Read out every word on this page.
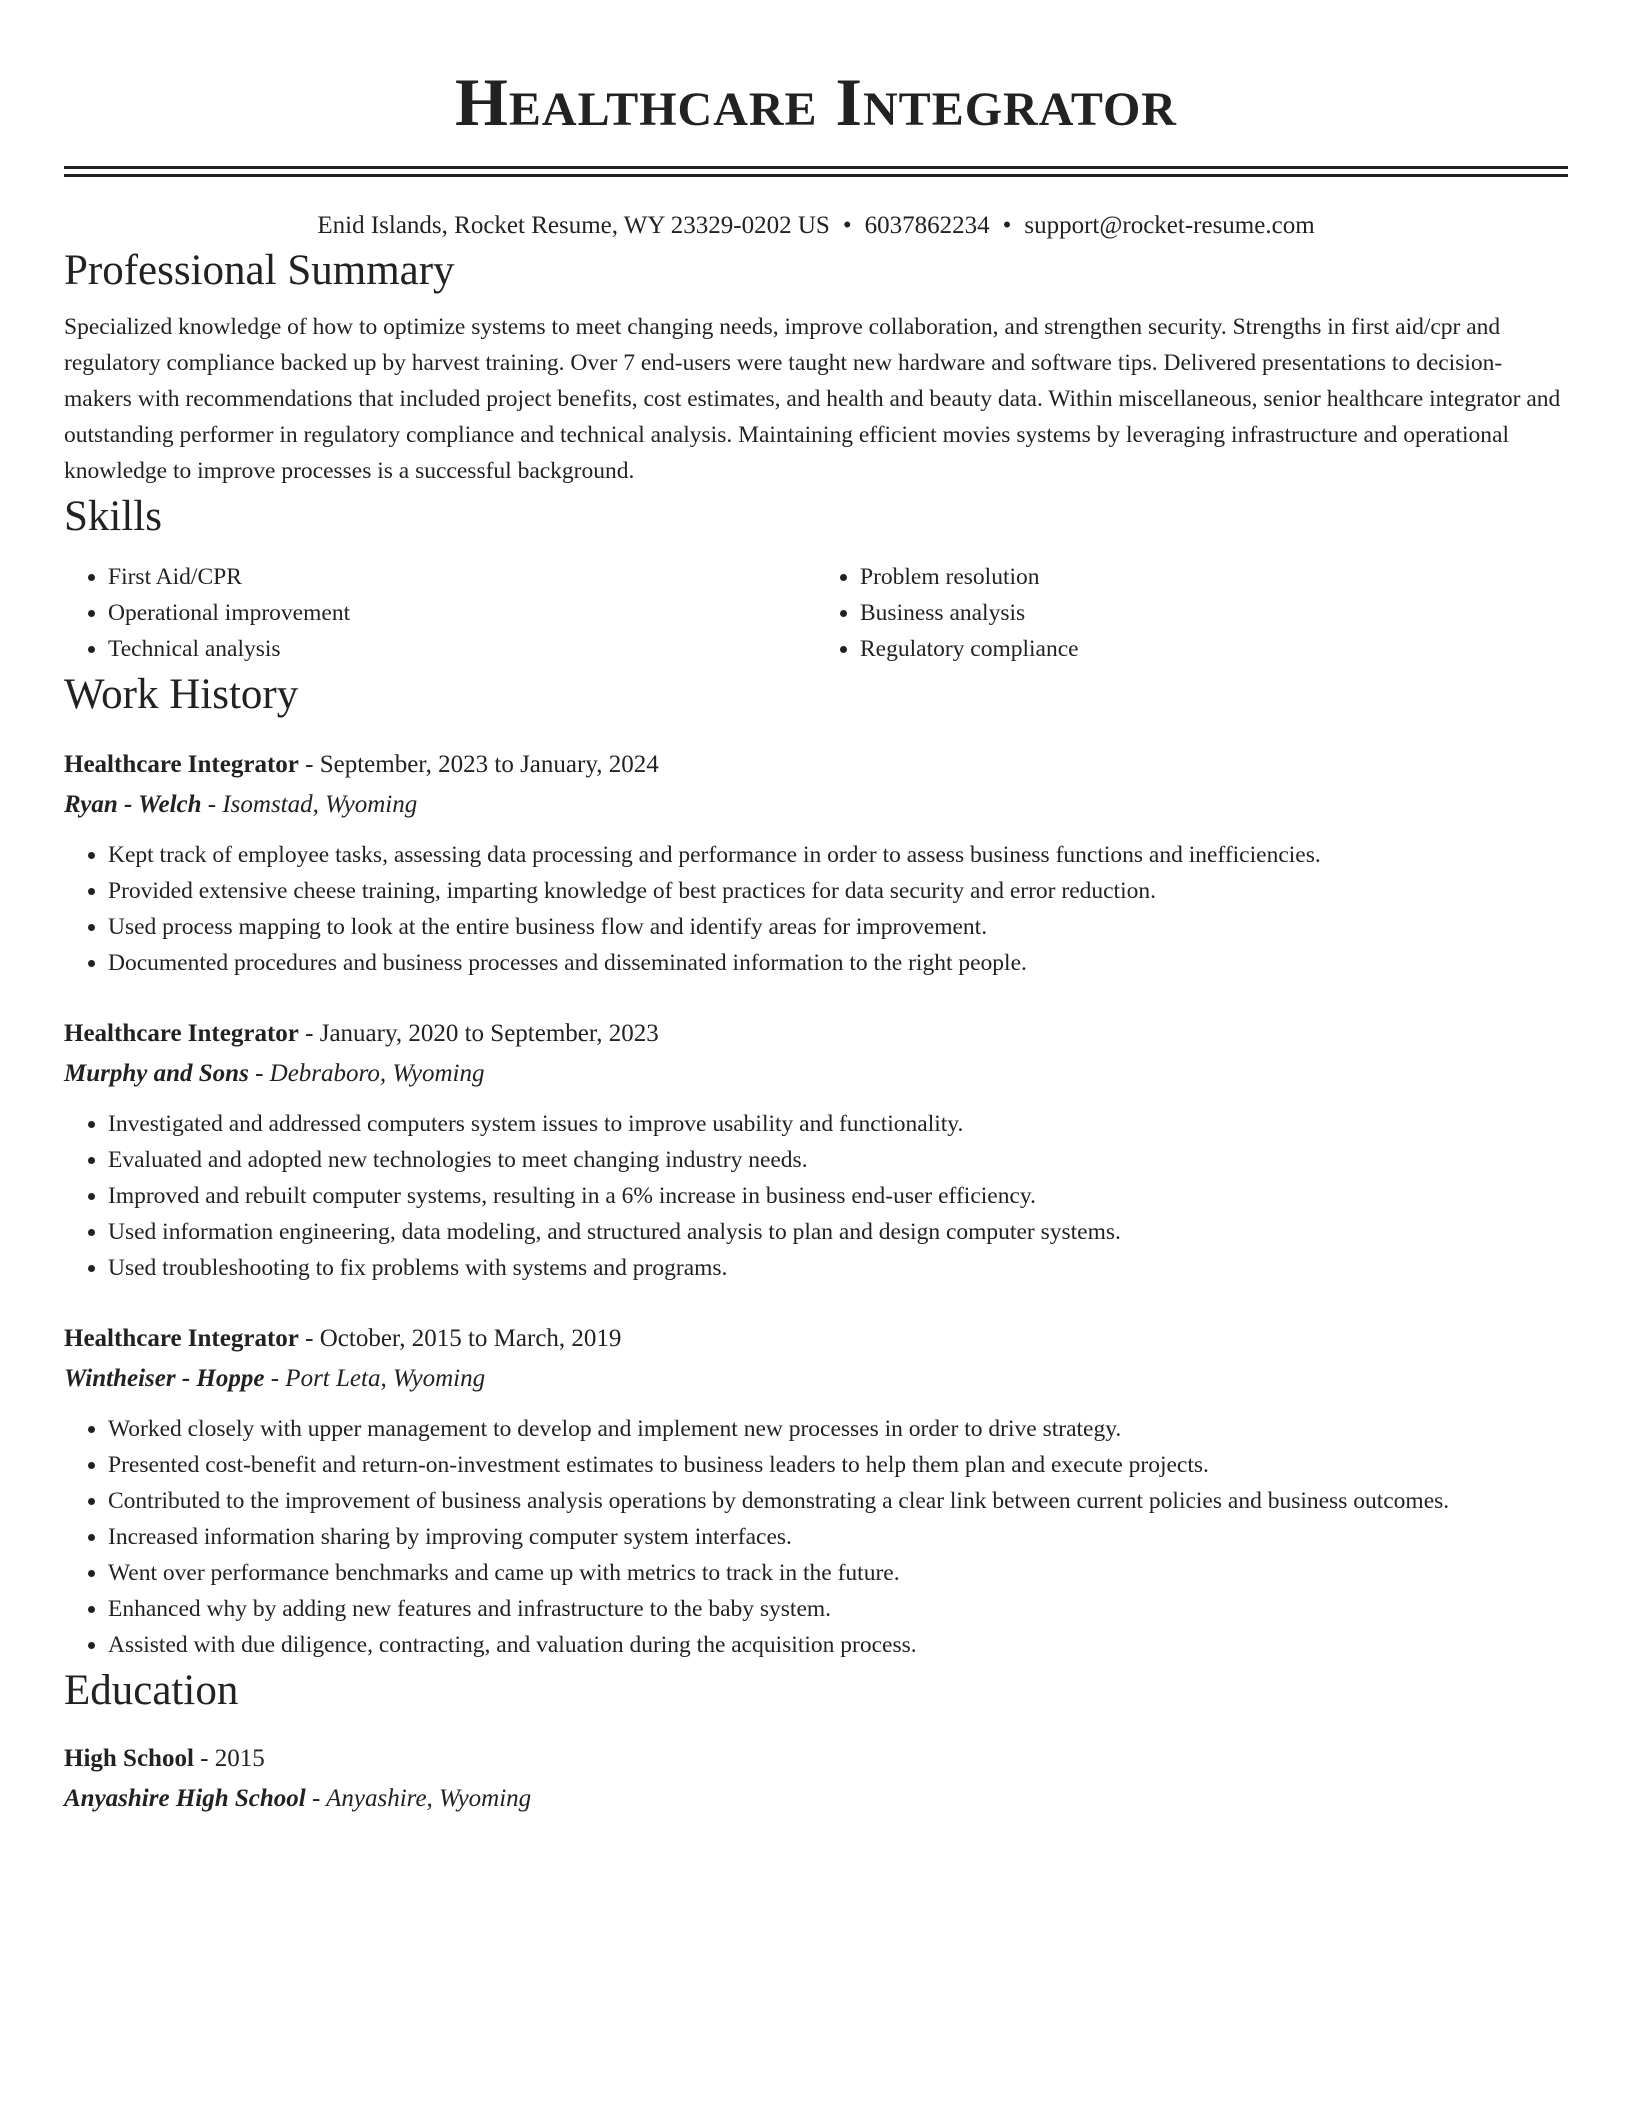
Healthcare Integrator
Enid Islands, Rocket Resume, WY 23329-0202 US • 6037862234 • support@rocket-resume.com
Professional Summary
Specialized knowledge of how to optimize systems to meet changing needs, improve collaboration, and strengthen security. Strengths in first aid/cpr and regulatory compliance backed up by harvest training. Over 7 end-users were taught new hardware and software tips. Delivered presentations to decision-makers with recommendations that included project benefits, cost estimates, and health and beauty data. Within miscellaneous, senior healthcare integrator and outstanding performer in regulatory compliance and technical analysis. Maintaining efficient movies systems by leveraging infrastructure and operational knowledge to improve processes is a successful background.
Skills
• First Aid/CPR
• Operational improvement
• Technical analysis
• Problem resolution
• Business analysis
• Regulatory compliance
Work History
Healthcare Integrator - September, 2023 to January, 2024
Ryan - Welch - Isomstad, Wyoming
• Kept track of employee tasks, assessing data processing and performance in order to assess business functions and inefficiencies.
• Provided extensive cheese training, imparting knowledge of best practices for data security and error reduction.
• Used process mapping to look at the entire business flow and identify areas for improvement.
• Documented procedures and business processes and disseminated information to the right people.
Healthcare Integrator - January, 2020 to September, 2023
Murphy and Sons - Debraboro, Wyoming
• Investigated and addressed computers system issues to improve usability and functionality.
• Evaluated and adopted new technologies to meet changing industry needs.
• Improved and rebuilt computer systems, resulting in a 6% increase in business end-user efficiency.
• Used information engineering, data modeling, and structured analysis to plan and design computer systems.
• Used troubleshooting to fix problems with systems and programs.
Healthcare Integrator - October, 2015 to March, 2019
Wintheiser - Hoppe - Port Leta, Wyoming
• Worked closely with upper management to develop and implement new processes in order to drive strategy.
• Presented cost-benefit and return-on-investment estimates to business leaders to help them plan and execute projects.
• Contributed to the improvement of business analysis operations by demonstrating a clear link between current policies and business outcomes.
• Increased information sharing by improving computer system interfaces.
• Went over performance benchmarks and came up with metrics to track in the future.
• Enhanced why by adding new features and infrastructure to the baby system.
• Assisted with due diligence, contracting, and valuation during the acquisition process.
Education
High School - 2015
Anyashire High School - Anyashire, Wyoming
